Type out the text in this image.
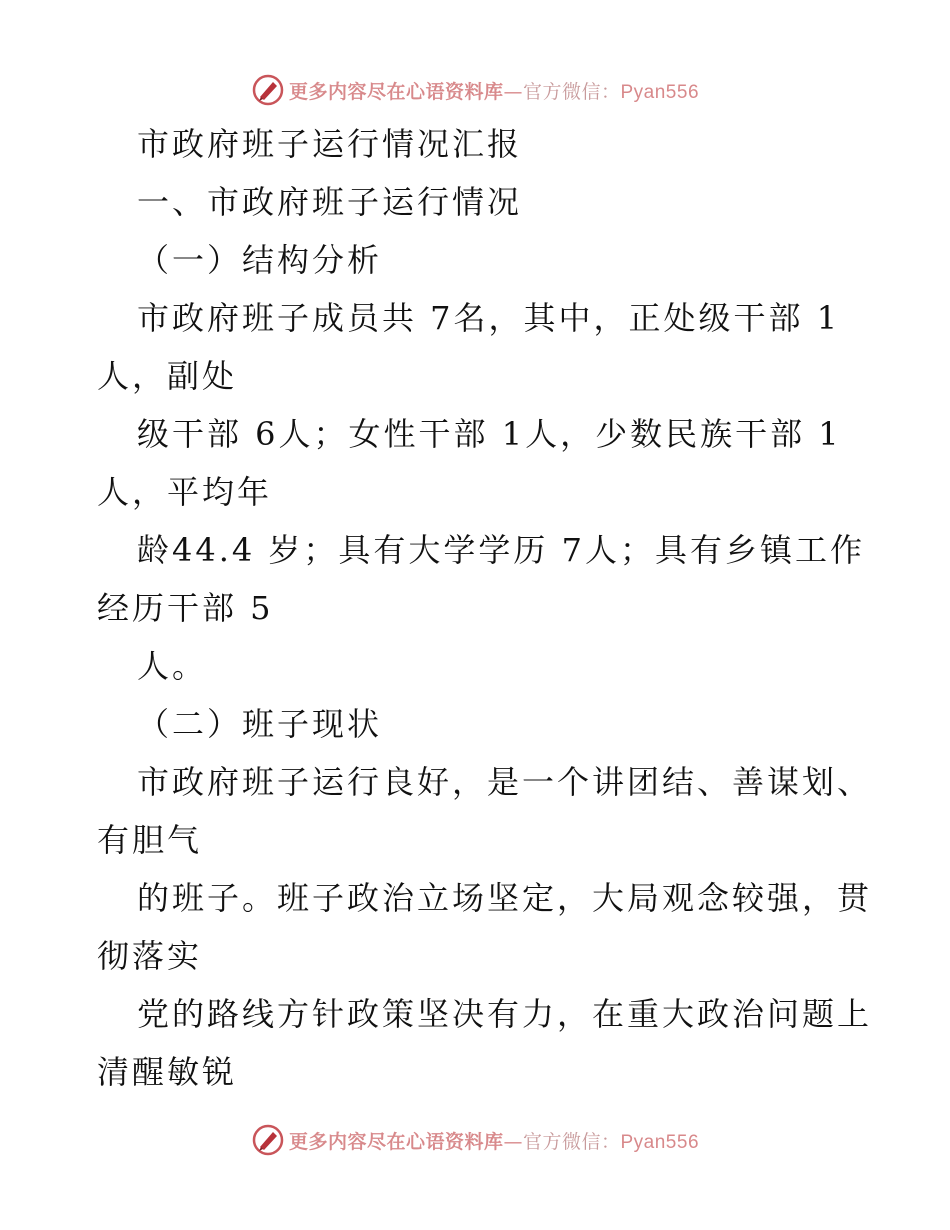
更多内容尽在心语资料库—官方微信：Pyan556
市政府班子运行情况汇报
一、市政府班子运行情况
（一）结构分析
市政府班子成员共 7名，其中，正处级干部 1
人，副处
级干部 6人；女性干部 1人，少数民族干部 1
人，平均年
龄44.4 岁；具有大学学历 7人；具有乡镇工作
经历干部 5
人。
（二）班子现状
市政府班子运行良好，是一个讲团结、善谋划、
有胆气
的班子。班子政治立场坚定，大局观念较强，贯
彻落实
党的路线方针政策坚决有力，在重大政治问题上
清醒敏锐
更多内容尽在心语资料库—官方微信：Pyan556
